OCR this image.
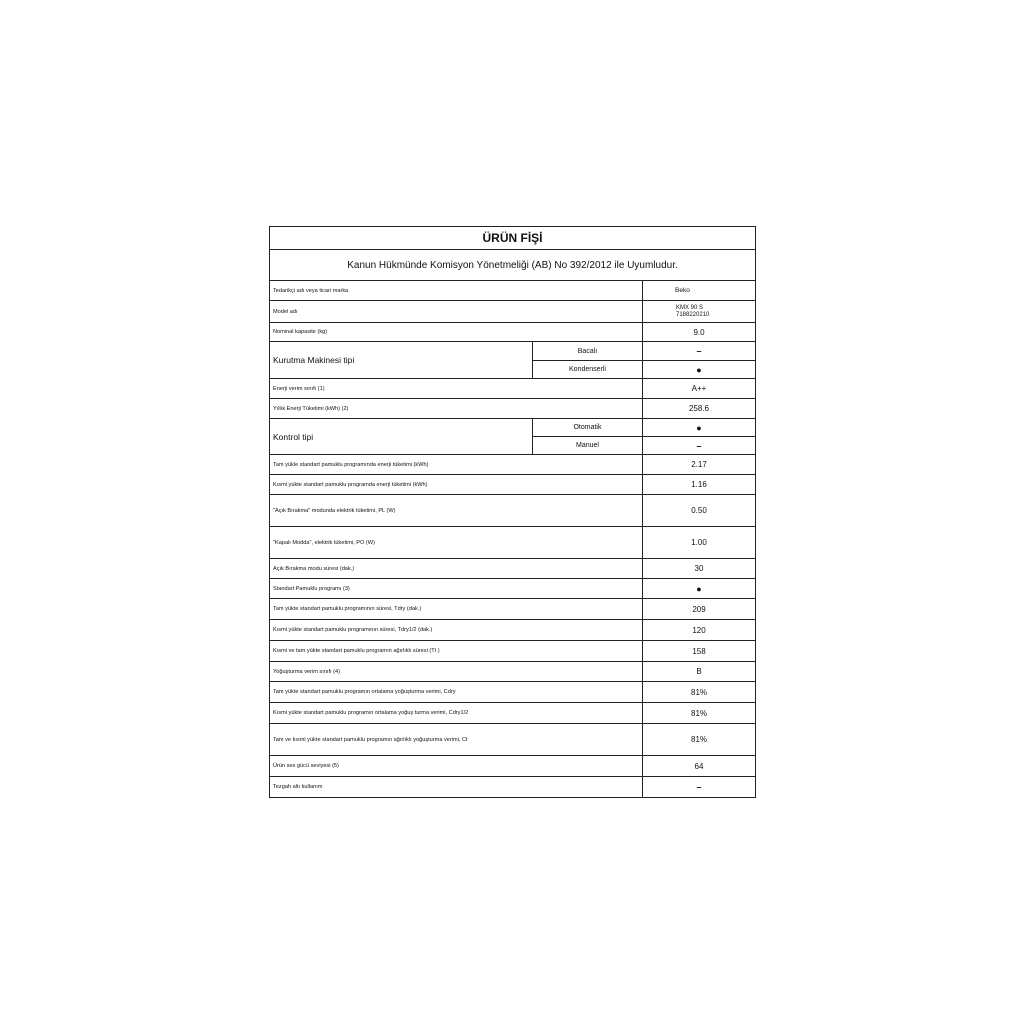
ÜRÜN FİŞİ		
Kanun Hükmünde Komisyon Yönetmeliği (AB) No 392/2012 ile Uyumludur.		
Tedarikçi adı veya ticari marka		Beko
Model adı		KMX 90 S
7188220210

Nominal kapasite (kg)		9.0
Kurutma Makinesi tipi	Bacalı	–
	Kondenserli	●
Enerji verim sınıfı (1)		A++
Yıllık Enerji Tüketimi (kWh) (2)		258.6
Kontrol tipi	Otomatik	●
	Manuel	–
Tam yükle standart pamuklu programında enerji tüketimi (kWh)		2.17
Kısmi yükte standart pamuklu programda enerji tüketimi (kWh)		1.16
"Açık Bırakma" modunda elektrik tüketimi, PL (W)		0.50
"Kapalı Modda", elektrik tüketimi, PO (W)		1.00
Açık Bırakma modu süresi (dak.)		30
Standart Pamuklu programı (3)		●
Tam yükte standart pamuklu programının süresi, Tdry (dak.)		209
Kısmi yükte standart pamuklu programının süresi, Tdry1/2 (dak.)		120
Kısmi ve tam yükte standart pamuklu programın ağırlıklı süresi (Tt )		158
Yoğuşturma verim sınıfı (4)		B
Tam yükte standart pamuklu programın ortalama yoğuşturma verimi, Cdry		81%
Kısmi yükte standart pamuklu programın ortalama yoğuş turma verimi, Cdry1/2		81%
Tam ve kısmi yükte standart pamuklu programın ağırlıklı yoğuşturma verimi, Ct		81%
Ürün ses gücü seviyesi (5)		64
Tezgah altı kullanım		–
